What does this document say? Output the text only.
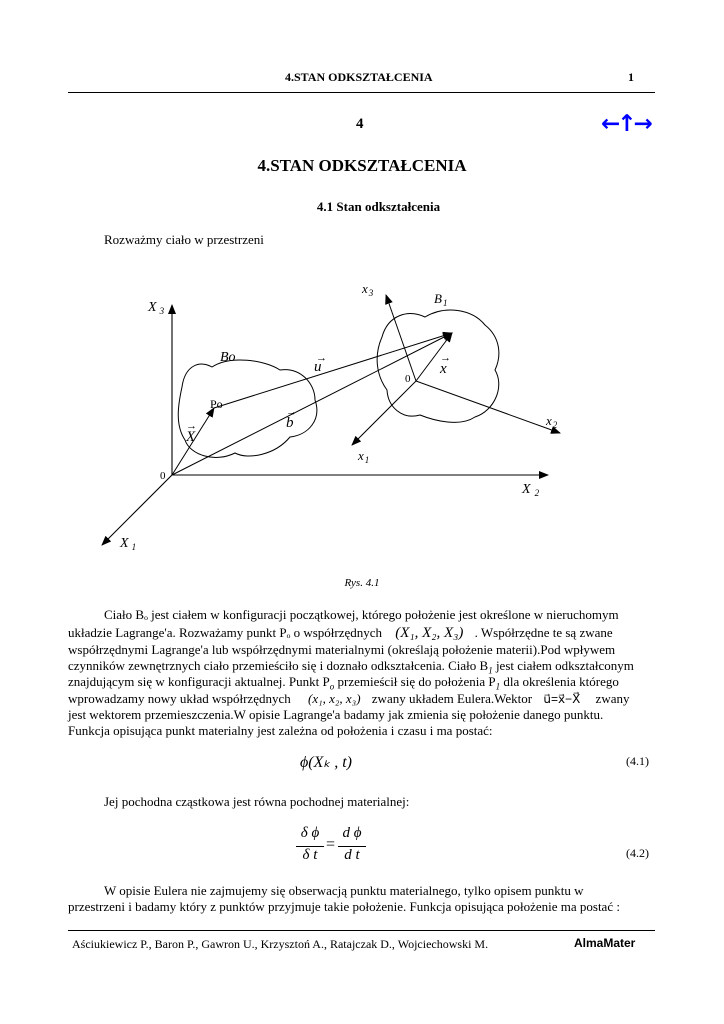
4.STAN ODKSZTAŁCENIA	1
←↑→
4
4.STAN ODKSZTAŁCENIA
4.1 Stan odkształcenia
Rozważmy ciało w przestrzeni
X $_3$
X $_2$
X $_1$
$x_3$
$x_2$
$x_1$
$B_1$
Bo
Po
0
0
u
→
b
→
X
→
x
→
Rys. 4.1
Ciało Bₒ jest ciałem w konfiguracji początkowej, którego położenie jest określone w nieruchomym
układzie Lagrange'a. Rozważamy punkt Pₒ o współrzędnych (X₁, X₂, X₃) . Współrzędne te są zwane
współrzędnymi Lagrange'a lub współrzędnymi materialnymi (określają położenie materii).Pod wpływem
czynników zewnętrznych ciało przemieściło się i doznało odkształcenia. Ciało $B_1$ jest ciałem odkształconym
znajdującym się w konfiguracji aktualnej. Punkt $P_o$ przemieścił się do położenia $P_1$ dla określenia którego
wprowadzamy nowy układ współrzędnych (x₁, x₂, x₃) zwany układem Eulera.Wektor u⃗=x⃗−X⃗ zwany
jest wektorem przemieszczenia.W opisie Lagrange'a badamy jak zmienia się położenie danego punktu.
Funkcja opisująca punkt materialny jest zależna od położenia i czasu i ma postać:
ϕ(Xₖ , t)	(4.1)
Jej pochodna cząstkowa jest równa pochodnej materialnej:
δ ϕ
δ t
=
d ϕ
d t	(4.2)
W opisie Eulera nie zajmujemy się obserwacją punktu materialnego, tylko opisem punktu w
przestrzeni i badamy który z punktów przyjmuje takie położenie. Funkcja opisująca położenie ma postać :
Aściukiewicz P., Baron P., Gawron U., Krzysztoń A., Ratajczak D., Wojciechowski M.	AlmaMater
